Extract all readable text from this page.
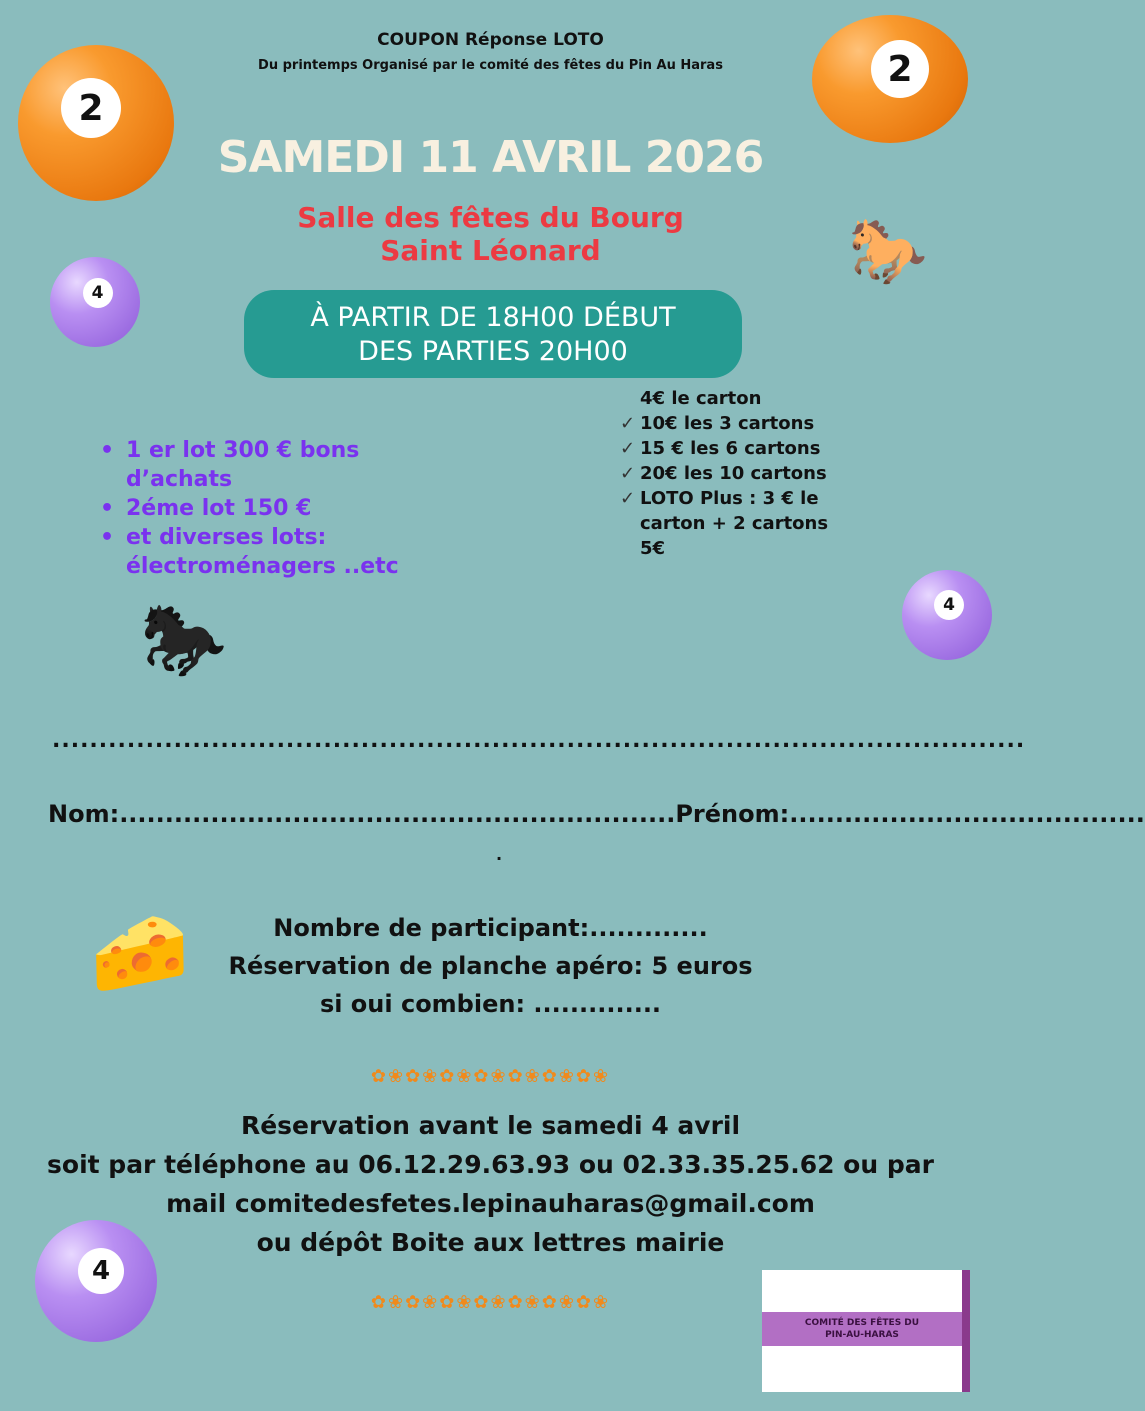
COUPON Réponse LOTO
Du printemps Organisé par le comité des fêtes du Pin Au Haras
2
2
4
4
4
SAMEDI 11 AVRIL 2026
Salle des fêtes du Bourg
Saint Léonard	🐎
À PARTIR DE 18H00 DÉBUT
DES PARTIES 20H00
4€ le carton
✓ 10€ les 3 cartons
✓ 15 € les 6 cartons
✓ 20€ les 10 cartons
✓ LOTO Plus : 3 € le carton + 2 cartons 5€
• 1 er lot 300 € bons d’achats
• 2éme lot 150 €
• et diverses lots: électroménagers ..etc
🐎
........................................................................................................
Nom:.............................................................Prénom:.......................................
.
🧀	Nombre de participant:.............
Réservation de planche apéro: 5 euros
si oui combien: ..............
✿❀✿❀✿❀✿❀✿❀✿❀✿❀
Réservation avant le samedi 4 avril
soit par téléphone au 06.12.29.63.93 ou 02.33.35.25.62 ou par
mail comitedesfetes.lepinauharas@gmail.com
ou dépôt Boite aux lettres mairie
✿❀✿❀✿❀✿❀✿❀✿❀✿❀
COMITÉ DES FÊTES DU PIN-AU-HARAS
